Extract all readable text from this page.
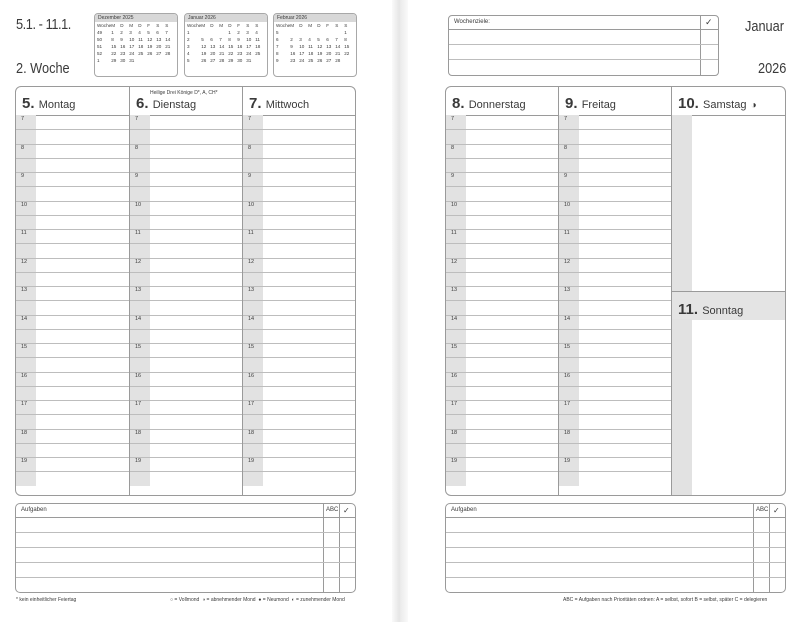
5.1. - 11.1.
2. Woche
Dezember 2025
Woche	M	D	M	D	F	S	S
49	1	2	3	4	5	6	7
50	8	9	10	11	12	13	14
51	15	16	17	18	19	20	21
52	22	23	24	25	26	27	28
1	29	30	31				
Januar 2026
Woche	M	D	M	D	F	S	S
1				1	2	3	4
2	5	6	7	8	9	10	11
3	12	13	14	15	16	17	18
4	19	20	21	22	23	24	25
5	26	27	28	29	30	31	
Februar 2026
Woche	M	D	M	D	F	S	S
5							1
6	2	3	4	5	6	7	8
7	9	10	11	12	13	14	15
8	16	17	18	19	20	21	22
9	23	24	25	26	27	28	
5. Montag
7
8
9
10
11
12
13
14
15
16
17
18
19
Heilige Drei Könige D*, A, CH*
6. Dienstag
7
8
9
10
11
12
13
14
15
16
17
18
19
7. Mittwoch
7
8
9
10
11
12
13
14
15
16
17
18
19
Aufgaben	ABC ✓
* kein einheitlicher Feiertag	○ = Vollmond ◑ = abnehmender Mond ● = Neumond ◐ = zunehmender Mond
Wochenziele:	✓ Januar
2026
8. Donnerstag
7
8
9
10
11
12
13
14
15
16
17
18
19
9. Freitag
7
8
9
10
11
12
13
14
15
16
17
18
19
10. Samstag ◑
11. Sonntag
Aufgaben	ABC ✓
ABC = Aufgaben nach Prioritäten ordnen: A = selbst, sofort B = selbst, später C = delegieren
